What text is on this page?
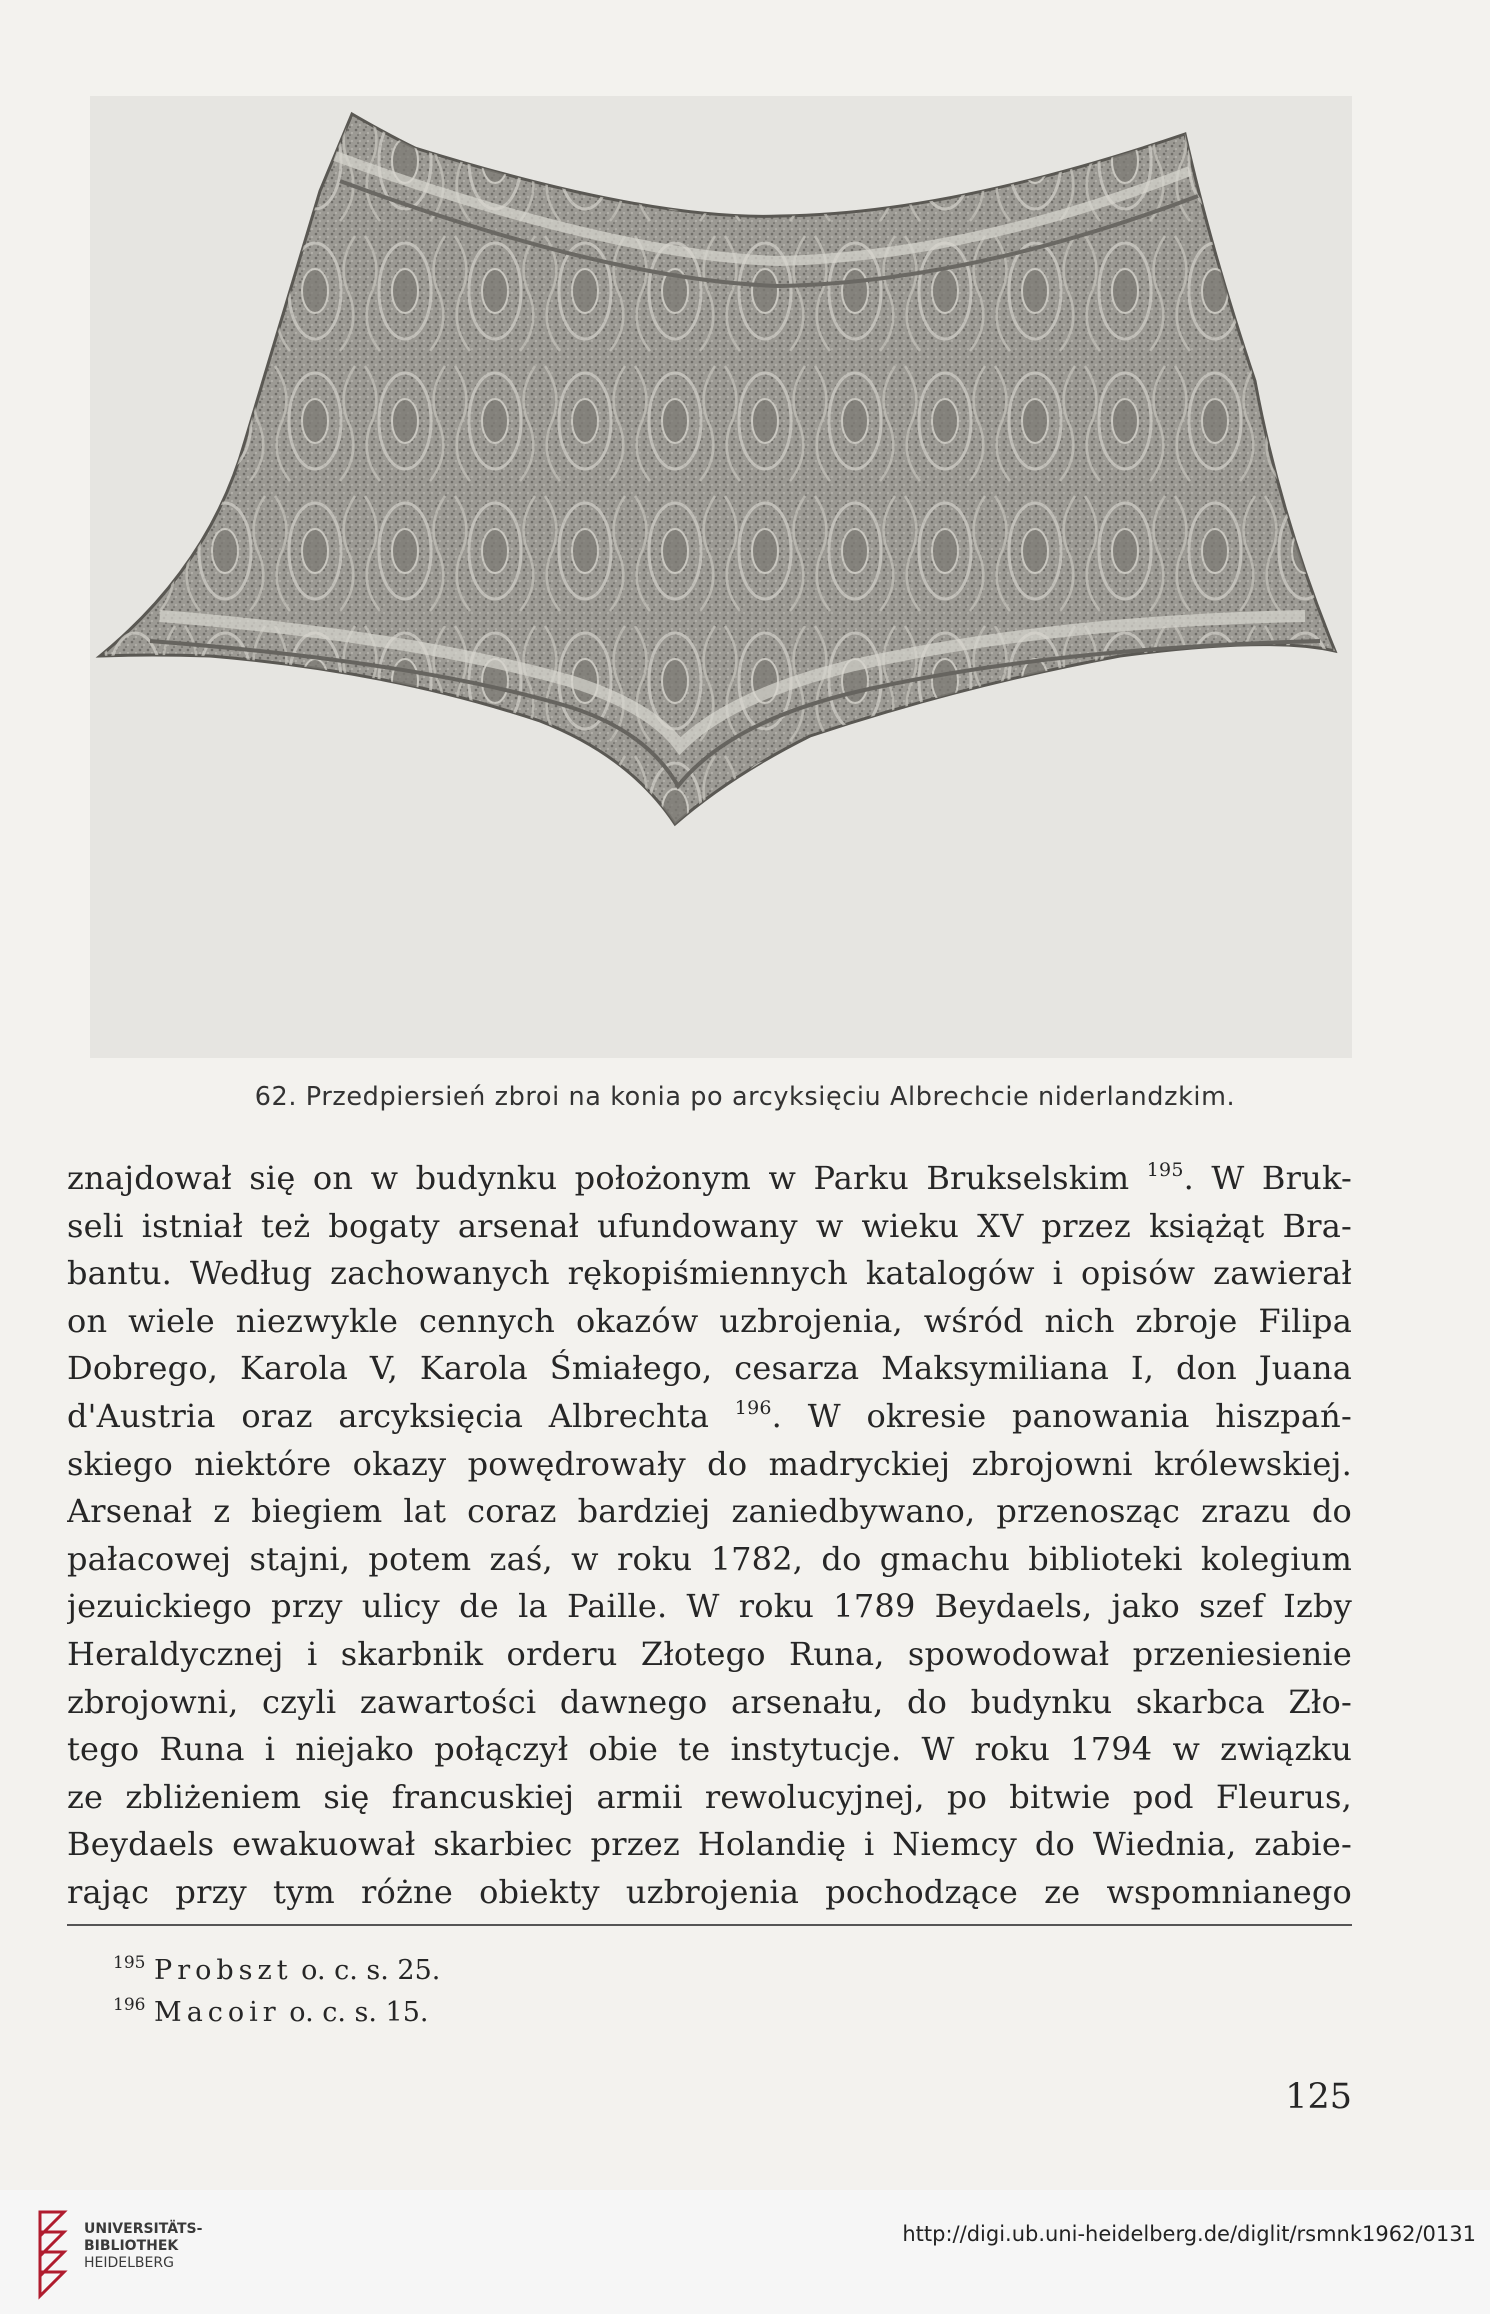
62. Przedpiersień zbroi na konia po arcyksięciu Albrechcie niderlandzkim.
znajdował się on w budynku położonym w Parku Brukselskim $^{195}$. W Bruk-
seli istniał też bogaty arsenał ufundowany w wieku XV przez książąt Bra-
bantu. Według zachowanych rękopiśmiennych katalogów i opisów zawierał
on wiele niezwykle cennych okazów uzbrojenia, wśród nich zbroje Filipa
Dobrego, Karola V, Karola Śmiałego, cesarza Maksymiliana I, don Juana
d'Austria oraz arcyksięcia Albrechta $^{196}$. W okresie panowania hiszpań-
skiego niektóre okazy powędrowały do madryckiej zbrojowni królewskiej.
Arsenał z biegiem lat coraz bardziej zaniedbywano, przenosząc zrazu do
pałacowej stajni, potem zaś, w roku 1782, do gmachu biblioteki kolegium
jezuickiego przy ulicy de la Paille. W roku 1789 Beydaels, jako szef Izby
Heraldycznej i skarbnik orderu Złotego Runa, spowodował przeniesienie
zbrojowni, czyli zawartości dawnego arsenału, do budynku skarbca Zło-
tego Runa i niejako połączył obie te instytucje. W roku 1794 w związku
ze zbliżeniem się francuskiej armii rewolucyjnej, po bitwie pod Fleurus,
Beydaels ewakuował skarbiec przez Holandię i Niemcy do Wiednia, zabie-
rając przy tym różne obiekty uzbrojenia pochodzące ze wspomnianego
$^{195}$ Probszt o. c. s. 25.
$^{196}$ Macoir o. c. s. 15.
125
UNIVERSITÄTS-
BIBLIOTHEK
HEIDELBERG
http://digi.ub.uni-heidelberg.de/diglit/rsmnk1962/0131
